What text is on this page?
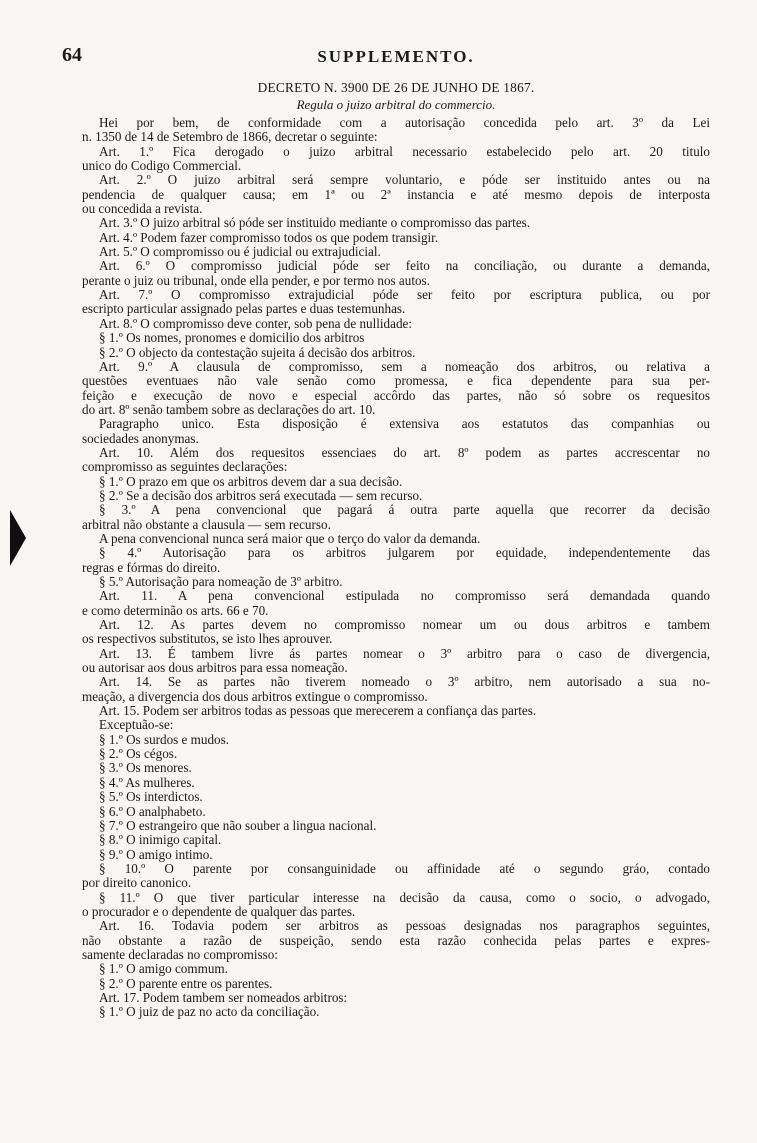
64	SUPPLEMENTO.
DECRETO N. 3900 DE 26 DE JUNHO DE 1867.
Regula o juizo arbitral do commercio.
Hei por bem, de conformidade com a autorisação concedida pelo art. 3º da Lei
n. 1350 de 14 de Setembro de 1866, decretar o seguinte:
Art. 1.º Fica derogado o juizo arbitral necessario estabelecido pelo art. 20 titulo
unico do Codigo Commercial.
Art. 2.º O juizo arbitral será sempre voluntario, e póde ser instituido antes ou na
pendencia de qualquer causa; em 1ª ou 2ª instancia e até mesmo depois de interposta
ou concedida a revista.
Art. 3.º O juizo arbitral só póde ser instituido mediante o compromisso das partes.
Art. 4.º Podem fazer compromisso todos os que podem transigir.
Art. 5.º O compromisso ou é judicial ou extrajudicial.
Art. 6.º O compromisso judicial póde ser feito na conciliação, ou durante a demanda,
perante o juiz ou tribunal, onde ella pender, e por termo nos autos.
Art. 7.º O compromisso extrajudicial póde ser feito por escriptura publica, ou por
escripto particular assignado pelas partes e duas testemunhas.
Art. 8.º O compromisso deve conter, sob pena de nullidade:
§ 1.º Os nomes, pronomes e domicilio dos arbitros
§ 2.º O objecto da contestação sujeita á decisão dos arbitros.
Art. 9.º A clausula de compromisso, sem a nomeação dos arbitros, ou relativa a
questões eventuaes não vale senão como promessa, e fica dependente para sua per-
feição e execução de novo e especial accôrdo das partes, não só sobre os requesitos
do art. 8º senão tambem sobre as declarações do art. 10.
Paragrapho unico. Esta disposição é extensiva aos estatutos das companhias ou
sociedades anonymas.
Art. 10. Além dos requesitos essenciaes do art. 8º podem as partes accrescentar no
compromisso as seguintes declarações:
§ 1.º O prazo em que os arbitros devem dar a sua decisão.
§ 2.º Se a decisão dos arbitros será executada — sem recurso.
§ 3.º A pena convencional que pagará á outra parte aquella que recorrer da decisão
arbitral não obstante a clausula — sem recurso.
A pena convencional nunca será maior que o terço do valor da demanda.
§ 4.º Autorisação para os arbitros julgarem por equidade, independentemente das
regras e fórmas do direito.
§ 5.º Autorisação para nomeação de 3º arbitro.
Art. 11. A pena convencional estipulada no compromisso será demandada quando
e como determinão os arts. 66 e 70.
Art. 12. As partes devem no compromisso nomear um ou dous arbitros e tambem
os respectivos substitutos, se isto lhes aprouver.
Art. 13. É tambem livre ás partes nomear o 3º arbitro para o caso de divergencia,
ou autorisar aos dous arbitros para essa nomeação.
Art. 14. Se as partes não tiverem nomeado o 3º arbitro, nem autorisado a sua no-
meação, a divergencia dos dous arbitros extingue o compromisso.
Art. 15. Podem ser arbitros todas as pessoas que merecerem a confiança das partes.
Exceptuão-se:
§ 1.º Os surdos e mudos.
§ 2.º Os cégos.
§ 3.º Os menores.
§ 4.º As mulheres.
§ 5.º Os interdictos.
§ 6.º O analphabeto.
§ 7.º O estrangeiro que não souber a lingua nacional.
§ 8.º O inimigo capital.
§ 9.º O amigo intimo.
§ 10.º O parente por consanguinidade ou affinidade até o segundo gráo, contado
por direito canonico.
§ 11.º O que tiver particular interesse na decisão da causa, como o socio, o advogado,
o procurador e o dependente de qualquer das partes.
Art. 16. Todavia podem ser arbitros as pessoas designadas nos paragraphos seguintes,
não obstante a razão de suspeição, sendo esta razão conhecida pelas partes e expres-
samente declaradas no compromisso:
§ 1.º O amigo commum.
§ 2.º O parente entre os parentes.
Art. 17. Podem tambem ser nomeados arbitros:
§ 1.º O juiz de paz no acto da conciliação.
